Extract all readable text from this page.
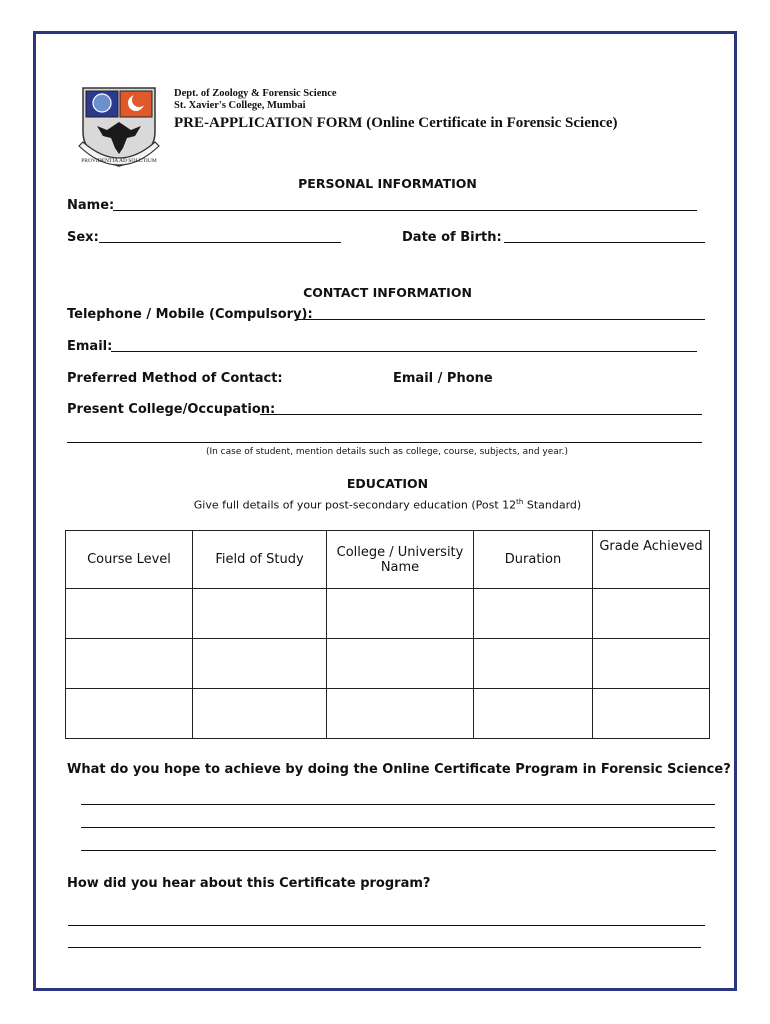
PROVIDENTIA AD SOLUTIUM
Dept. of Zoology & Forensic Science
St. Xavier's College, Mumbai
PRE-APPLICATION FORM (Online Certificate in Forensic Science)
PERSONAL INFORMATION
Name:
Sex:	Date of Birth:
CONTACT INFORMATION
Telephone / Mobile (Compulsory):
Email:
Preferred Method of Contact:	Email / Phone
Present College/Occupation:
(In case of student, mention details such as college, course, subjects, and year.)
EDUCATION
Give full details of your post-secondary education (Post 12th Standard)
Course Level	Field of Study	College / University Name	Duration	Grade Achieved

What do you hope to achieve by doing the Online Certificate Program in Forensic Science?
How did you hear about this Certificate program?
